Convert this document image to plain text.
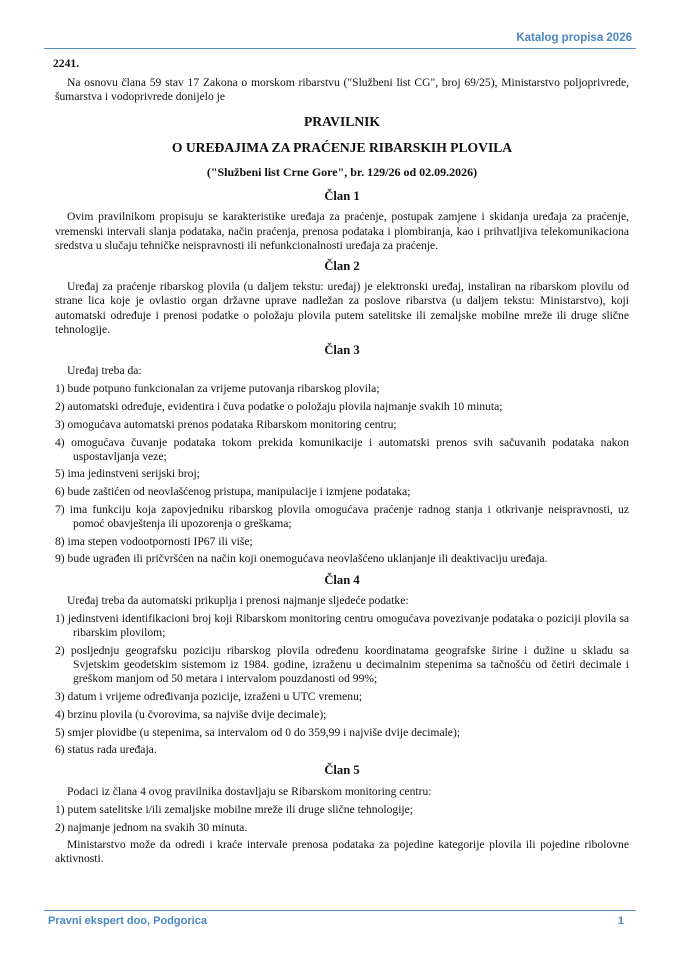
Katalog propisa 2026
2241.

Na osnovu člana 59 stav 17 Zakona o morskom ribarstvu ("Službeni list CG", broj 69/25), Ministarstvo poljoprivrede, šumarstva i vodoprivrede donijelo je

PRAVILNIK
O UREĐAJIMA ZA PRAĆENJE RIBARSKIH PLOVILA
("Službeni list Crne Gore", br. 129/26 od 02.09.2026)
Član 1

Ovim pravilnikom propisuju se karakteristike uređaja za praćenje, postupak zamjene i skidanja uređaja za praćenje, vremenski intervali slanja podataka, način praćenja, prenosa podataka i plombiranja, kao i prihvatljiva telekomunikaciona sredstva u slučaju tehničke neispravnosti ili nefunkcionalnosti uređaja za praćenje.

Član 2

Uređaj za praćenje ribarskog plovila (u daljem tekstu: uređaj) je elektronski uređaj, instaliran na ribarskom plovilu od strane lica koje je ovlastio organ državne uprave nadležan za poslove ribarstva (u daljem tekstu: Ministarstvo), koji automatski određuje i prenosi podatke o položaju plovila putem satelitske ili zemaljske mobilne mreže ili druge slične tehnologije.

Član 3

Uređaj treba da:

1) bude potpuno funkcionalan za vrijeme putovanja ribarskog plovila;
2) automatski određuje, evidentira i čuva podatke o položaju plovila najmanje svakih 10 minuta;
3) omogućava automatski prenos podataka Ribarskom monitoring centru;
4) omogućava čuvanje podataka tokom prekida komunikacije i automatski prenos svih sačuvanih podataka nakon uspostavljanja veze;
5) ima jedinstveni serijski broj;
6) bude zaštićen od neovlašćenog pristupa, manipulacije i izmjene podataka;
7) ima funkciju koja zapovjedniku ribarskog plovila omogućava praćenje radnog stanja i otkrivanje neispravnosti, uz pomoć obavještenja ili upozorenja o greškama;
8) ima stepen vodootpornosti IP67 ili više;
9) bude ugrađen ili pričvršćen na način koji onemogućava neovlašćeno uklanjanje ili deaktivaciju uređaja.
Član 4

Uređaj treba da automatski prikuplja i prenosi najmanje sljedeće podatke:

1) jedinstveni identifikacioni broj koji Ribarskom monitoring centru omogućava povezivanje podataka o poziciji plovila sa ribarskim plovilom;
2) posljednju geografsku poziciju ribarskog plovila određenu koordinatama geografske širine i dužine u skladu sa Svjetskim geodetskim sistemom iz 1984. godine, izraženu u decimalnim stepenima sa tačnošću od četiri decimale i greškom manjom od 50 metara i intervalom pouzdanosti od 99%;
3) datum i vrijeme određivanja pozicije, izraženi u UTC vremenu;
4) brzinu plovila (u čvorovima, sa najviše dvije decimale);
5) smjer plovidbe (u stepenima, sa intervalom od 0 do 359,99 i najviše dvije decimale);
6) status rada uređaja.
Član 5

Podaci iz člana 4 ovog pravilnika dostavljaju se Ribarskom monitoring centru:

1) putem satelitske i/ili zemaljske mobilne mreže ili druge slične tehnologije;
2) najmanje jednom na svakih 30 minuta.

Ministarstvo može da odredi i kraće intervale prenosa podataka za pojedine kategorije plovila ili pojedine ribolovne aktivnosti.

Pravni ekspert doo, Podgorica	1
